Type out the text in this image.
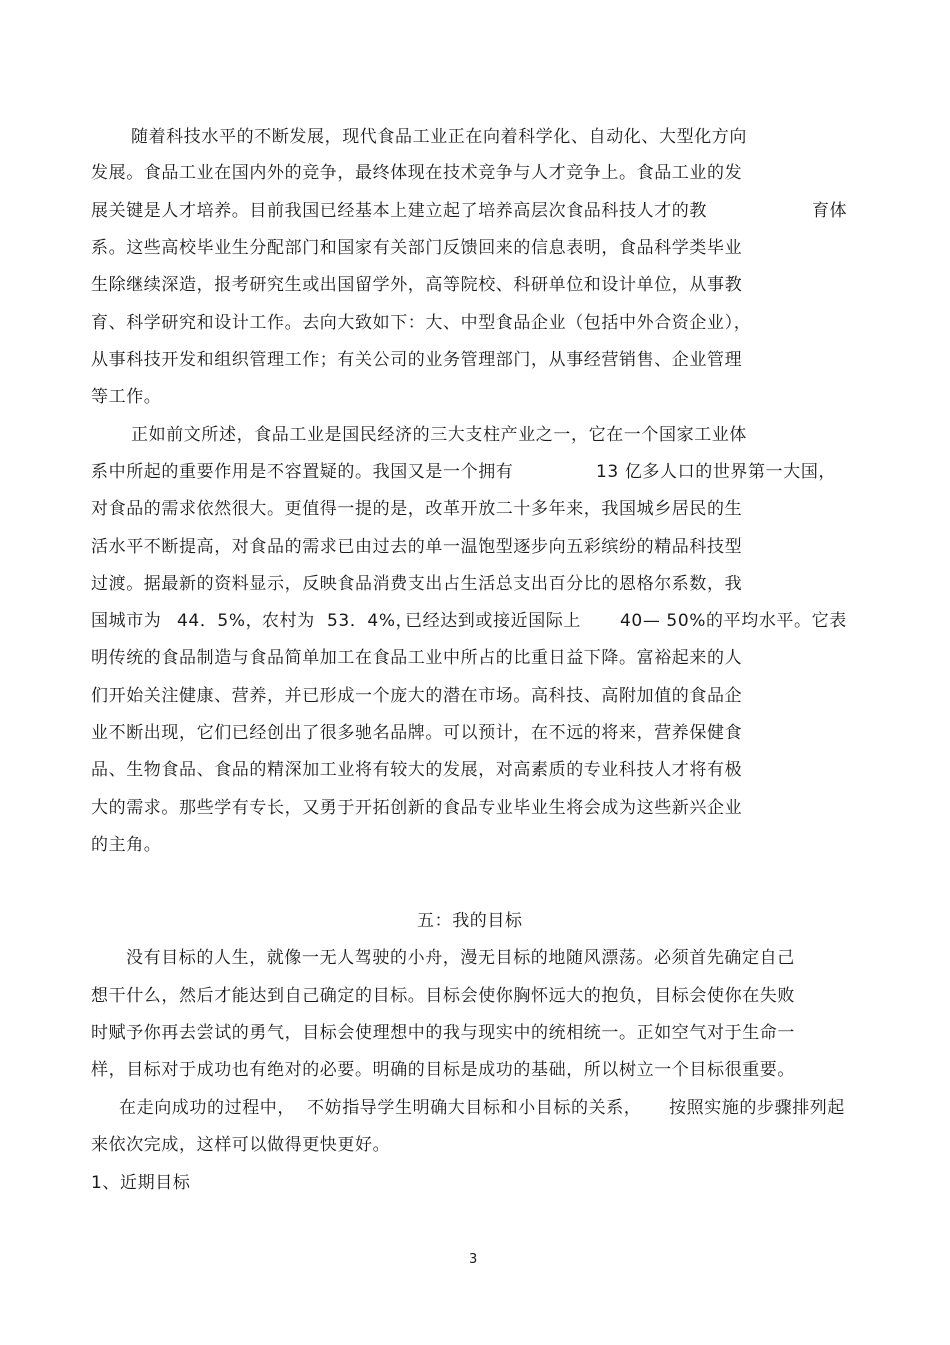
随着科技水平的不断发展，现代食品工业正在向着科学化、自动化、大型化方向
发展。食品工业在国内外的竞争，最终体现在技术竞争与人才竞争上。食品工业的发
展关键是人才培养。目前我国已经基本上建立起了培养高层次食品科技人才的教	育体
系。这些高校毕业生分配部门和国家有关部门反馈回来的信息表明，食品科学类毕业
生除继续深造，报考研究生或出国留学外，高等院校、科研单位和设计单位，从事教
育、科学研究和设计工作。去向大致如下：大、中型食品企业（包括中外合资企业），
从事科技开发和组织管理工作；有关公司的业务管理部门，从事经营销售、企业管理
等工作。
正如前文所述，食品工业是国民经济的三大支柱产业之一，它在一个国家工业体
系中所起的重要作用是不容置疑的。我国又是一个拥有	13 亿多人口的世界第一大国，
对食品的需求依然很大。更值得一提的是，改革开放二十多年来，我国城乡居民的生
活水平不断提高，对食品的需求已由过去的单一温饱型逐步向五彩缤纷的精品科技型
过渡。据最新的资料显示，反映食品消费支出占生活总支出百分比的恩格尔系数，我
国城市为 44．5%，
农村为 53．4%，
已经达到或接近国际上 40— 50%的平均水平。它表
明传统的食品制造与食品简单加工在食品工业中所占的比重日益下降。富裕起来的人
们开始关注健康、营养，并已形成一个庞大的潜在市场。高科技、高附加值的食品企
业不断出现，它们已经创出了很多驰名品牌。可以预计，在不远的将来，营养保健食
品、生物食品、食品的精深加工业将有较大的发展，对高素质的专业科技人才将有极
大的需求。那些学有专长，又勇于开拓创新的食品专业毕业生将会成为这些新兴企业
的主角。
五：我的目标
没有目标的人生，就像一无人驾驶的小舟，漫无目标的地随风漂荡。必须首先确定自己
想干什么，然后才能达到自己确定的目标。目标会使你胸怀远大的抱负，目标会使你在失败
时赋予你再去尝试的勇气，目标会使理想中的我与现实中的统相统一。正如空气对于生命一
样，目标对于成功也有绝对的必要。明确的目标是成功的基础，所以树立一个目标很重要。
在走向成功的过程中， 不妨指导学生明确大目标和小目标的关系， 按照实施的步骤排列起
来依次完成，这样可以做得更快更好。
1、近期目标
3
